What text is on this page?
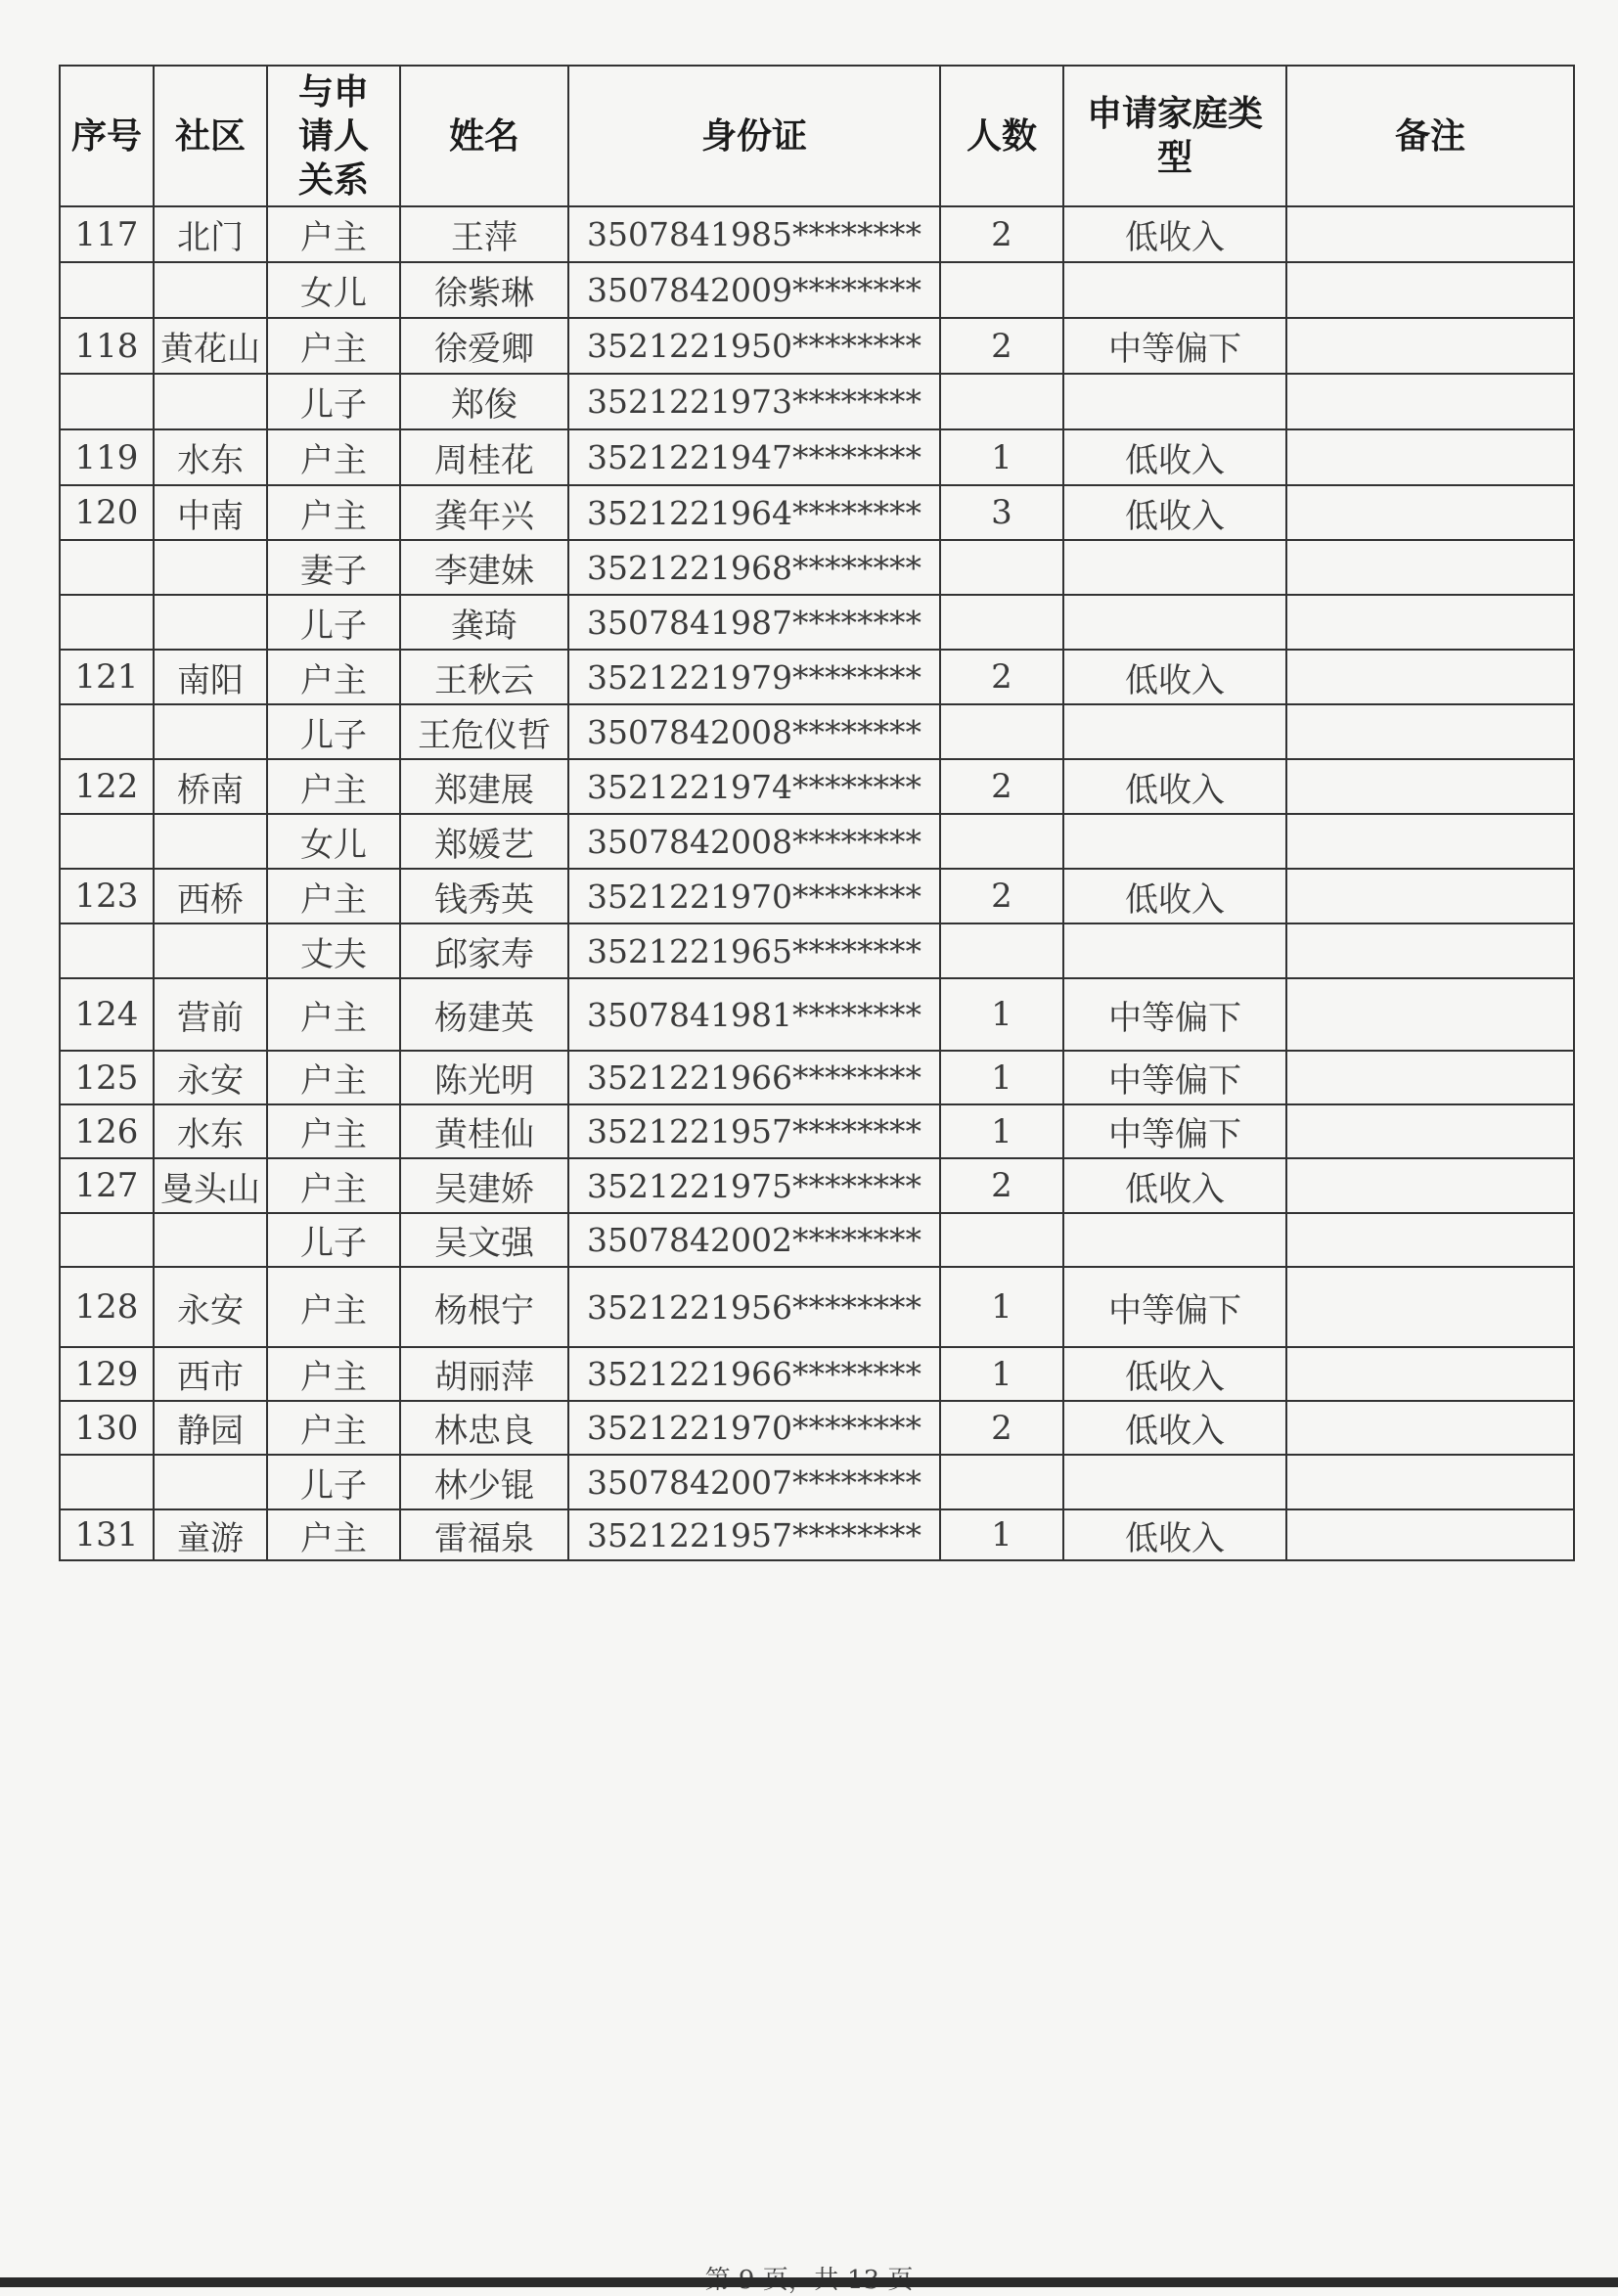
序号	社区	与申请人关系	姓名	身份证	人数	申请家庭类型	备注
117	北门	户主	王萍	3507841985********	2	低收入	
		女儿	徐紫琳	3507842009********			
118	黄花山	户主	徐爱卿	3521221950********	2	中等偏下	
		儿子	郑俊	3521221973********			
119	水东	户主	周桂花	3521221947********	1	低收入	
120	中南	户主	龚年兴	3521221964********	3	低收入	
		妻子	李建妹	3521221968********			
		儿子	龚琦	3507841987********			
121	南阳	户主	王秋云	3521221979********	2	低收入	
		儿子	王危仪哲	3507842008********			
122	桥南	户主	郑建展	3521221974********	2	低收入	
		女儿	郑媛艺	3507842008********			
123	西桥	户主	钱秀英	3521221970********	2	低收入	
		丈夫	邱家寿	3521221965********			
124	营前	户主	杨建英	3507841981********	1	中等偏下	
125	永安	户主	陈光明	3521221966********	1	中等偏下	
126	水东	户主	黄桂仙	3521221957********	1	中等偏下	
127	曼头山	户主	吴建娇	3521221975********	2	低收入	
		儿子	吴文强	3507842002********			
128	永安	户主	杨根宁	3521221956********	1	中等偏下	
129	西市	户主	胡丽萍	3521221966********	1	低收入	
130	静园	户主	林忠良	3521221970********	2	低收入	
		儿子	林少锟	3507842007********			
131	童游	户主	雷福泉	3521221957********	1	低收入	
